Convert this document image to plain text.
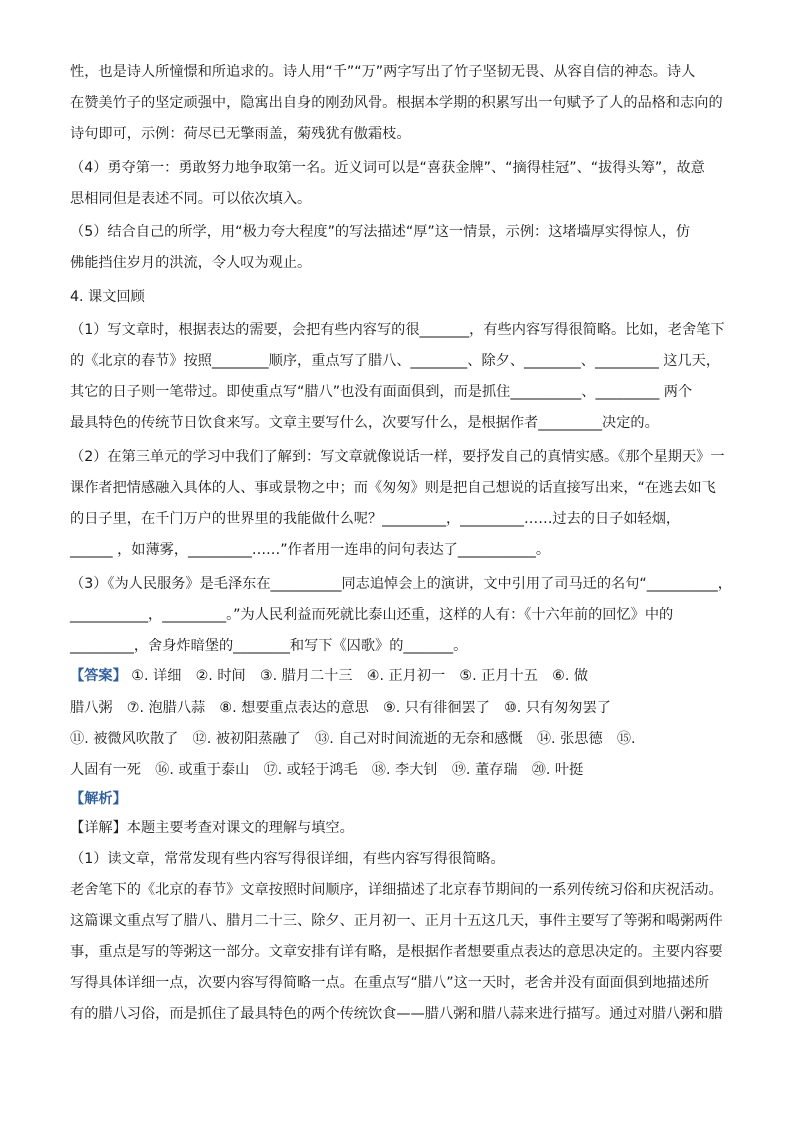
性，也是诗人所憧憬和所追求的。诗人用“千”“万”两字写出了竹子坚韧无畏、从容自信的神态。诗人
在赞美竹子的坚定顽强中，隐寓出自身的刚劲风骨。根据本学期的积累写出一句赋予了人的品格和志向的
诗句即可，示例：荷尽已无擎雨盖，菊残犹有傲霜枝。
（4）勇夺第一：勇敢努力地争取第一名。近义词可以是“喜获金牌”、“摘得桂冠”、“拔得头筹”，故意
思相同但是表述不同。可以依次填入。
（5）结合自己的所学，用“极力夸大程度”的写法描述“厚”这一情景，示例：这堵墙厚实得惊人，仿
佛能挡住岁月的洪流，令人叹为观止。
4. 课文回顾
（1）写文章时，根据表达的需要，会把有些内容写的很_______，有些内容写得很简略。比如，老舍笔下
的《北京的春节》按照________顺序，重点写了腊八、________、除夕、________、_________ 这几天，
其它的日子则一笔带过。即使重点写“腊八”也没有面面俱到，而是抓住__________、_________ 两个
最具特色的传统节日饮食来写。文章主要写什么，次要写什么，是根据作者_________决定的。
（2）在第三单元的学习中我们了解到：写文章就像说话一样，要抒发自己的真情实感。《那个星期天》一
课作者把情感融入具体的人、事或景物之中；而《匆匆》则是把自己想说的话直接写出来，“在逃去如飞
的日子里，在千门万户的世界里的我能做什么呢？_________，_________……过去的日子如轻烟，
______ ，如薄雾，_________……”作者用一连串的问句表达了___________。
（3）《为人民服务》是毛泽东在__________同志追悼会上的演讲，文中引用了司马迁的名句“__________，
___________，_________。”为人民利益而死就比泰山还重，这样的人有：《十六年前的回忆》中的
_________，舍身炸暗堡的________和写下《囚歌》的_______。
【答案】 ①. 详细　②. 时间　③. 腊月二十三　④. 正月初一　⑤. 正月十五　⑥. 做
腊八粥　⑦. 泡腊八蒜　⑧. 想要重点表达的意思　⑨. 只有徘徊罢了　⑩. 只有匆匆罢了
⑪. 被微风吹散了　⑫. 被初阳蒸融了　⑬. 自己对时间流逝的无奈和感慨　⑭. 张思德　⑮.
人固有一死　⑯. 或重于泰山　⑰. 或轻于鸿毛　⑱. 李大钊　⑲. 董存瑞　⑳. 叶挺
【解析】
【详解】本题主要考查对课文的理解与填空。
（1）读文章，常常发现有些内容写得很详细，有些内容写得很简略。
老舍笔下的《北京的春节》文章按照时间顺序，详细描述了北京春节期间的一系列传统习俗和庆祝活动。
这篇课文重点写了腊八、腊月二十三、除夕、正月初一、正月十五这几天，事件主要写了等粥和喝粥两件
事，重点是写的等粥这一部分。文章安排有详有略，是根据作者想要重点表达的意思决定的。主要内容要
写得具体详细一点，次要内容写得简略一点。在重点写“腊八”这一天时，老舍并没有面面俱到地描述所
有的腊八习俗，而是抓住了最具特色的两个传统饮食——腊八粥和腊八蒜来进行描写。通过对腊八粥和腊
